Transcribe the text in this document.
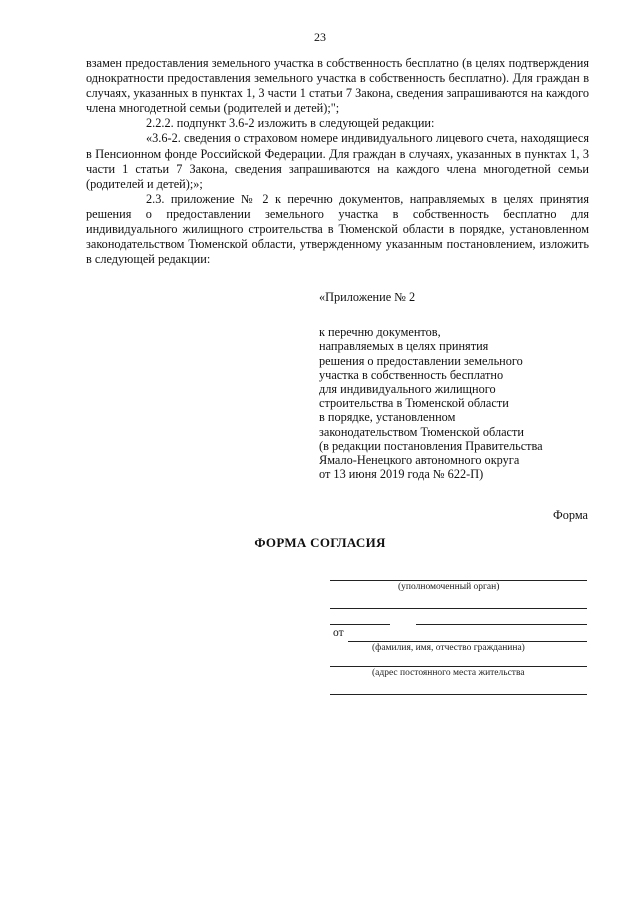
23

взамен предоставления земельного участка в собственность бесплатно (в целях подтверждения однократности предоставления земельного участка в собственность бесплатно). Для граждан в случаях, указанных в пунктах 1, 3 части 1 статьи 7 Закона, сведения запрашиваются на каждого члена многодетной семьи (родителей и детей);";

2.2.2. подпункт 3.6-2 изложить в следующей редакции:

«3.6-2. сведения о страховом номере индивидуального лицевого счета, находящиеся в Пенсионном фонде Российской Федерации. Для граждан в случаях, указанных в пунктах 1, 3 части 1 статьи 7 Закона, сведения запрашиваются на каждого члена многодетной семьи (родителей и детей);»;

2.3. приложение № 2 к перечню документов, направляемых в целях принятия решения о предоставлении земельного участка в собственность бесплатно для индивидуального жилищного строительства в Тюменской области в порядке, установленном законодательством Тюменской области, утвержденному указанным постановлением, изложить в следующей редакции:

«Приложение № 2
к перечню документов,
направляемых в целях принятия
решения о предоставлении земельного
участка в собственность бесплатно
для индивидуального жилищного
строительства в Тюменской области
в порядке, установленном
законодательством Тюменской области
(в редакции постановления Правительства
Ямало-Ненецкого автономного округа
от 13 июня 2019 года № 622-П)
Форма
ФОРМА СОГЛАСИЯ
(уполномоченный орган)
от
(фамилия, имя, отчество гражданина)
(адрес постоянного места жительства
